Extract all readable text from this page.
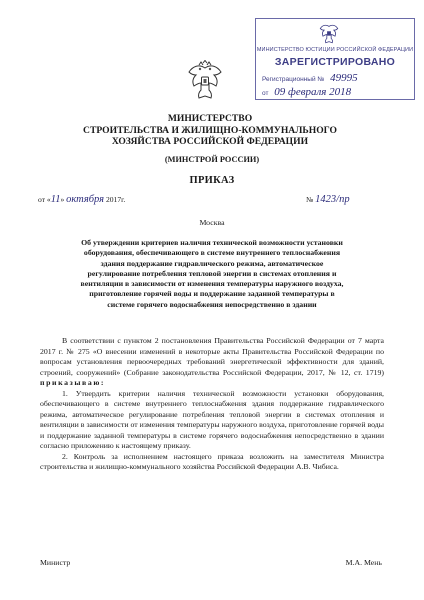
МИНИСТЕРСТВО ЮСТИЦИИ РОССИЙСКОЙ ФЕДЕРАЦИИ
ЗАРЕГИСТРИРОВАНО
Регистрационный № 49995
от 09 февраля 2018
МИНИСТЕРСТВО
СТРОИТЕЛЬСТВА И ЖИЛИЩНО-КОММУНАЛЬНОГО
ХОЗЯЙСТВА РОССИЙСКОЙ ФЕДЕРАЦИИ
(МИНСТРОЙ РОССИИ)
ПРИКАЗ
от «11» октября 2017г.	№ 1423/пр
Москва
Об утверждении критериев наличия технической возможности установки
оборудования, обеспечивающего в системе внутреннего теплоснабжения
здания поддержание гидравлического режима, автоматическое
регулирование потребления тепловой энергии в системах отопления и
вентиляции в зависимости от изменения температуры наружного воздуха,
приготовление горячей воды и поддержание заданной температуры в
системе горячего водоснабжения непосредственно в здании

В соответствии с пунктом 2 постановления Правительства Российской Федерации от 7 марта 2017 г. № 275 «О внесении изменений в некоторые акты Правительства Российской Федерации по вопросам установления первоочередных требований энергетической эффективности для зданий, строений, сооружений» (Собрание законодательства Российской Федерации, 2017, № 12, ст. 1719) приказываю:

1. Утвердить критерии наличия технической возможности установки оборудования, обеспечивающего в системе внутреннего теплоснабжения здания поддержание гидравлического режима, автоматическое регулирование потребления тепловой энергии в системах отопления и вентиляции в зависимости от изменения температуры наружного воздуха, приготовление горячей воды и поддержание заданной температуры в системе горячего водоснабжения непосредственно в здании согласно приложению к настоящему приказу.

2. Контроль за исполнением настоящего приказа возложить на заместителя Министра строительства и жилищно-коммунального хозяйства Российской Федерации А.В. Чибиса.

Министр	М.А. Мень
